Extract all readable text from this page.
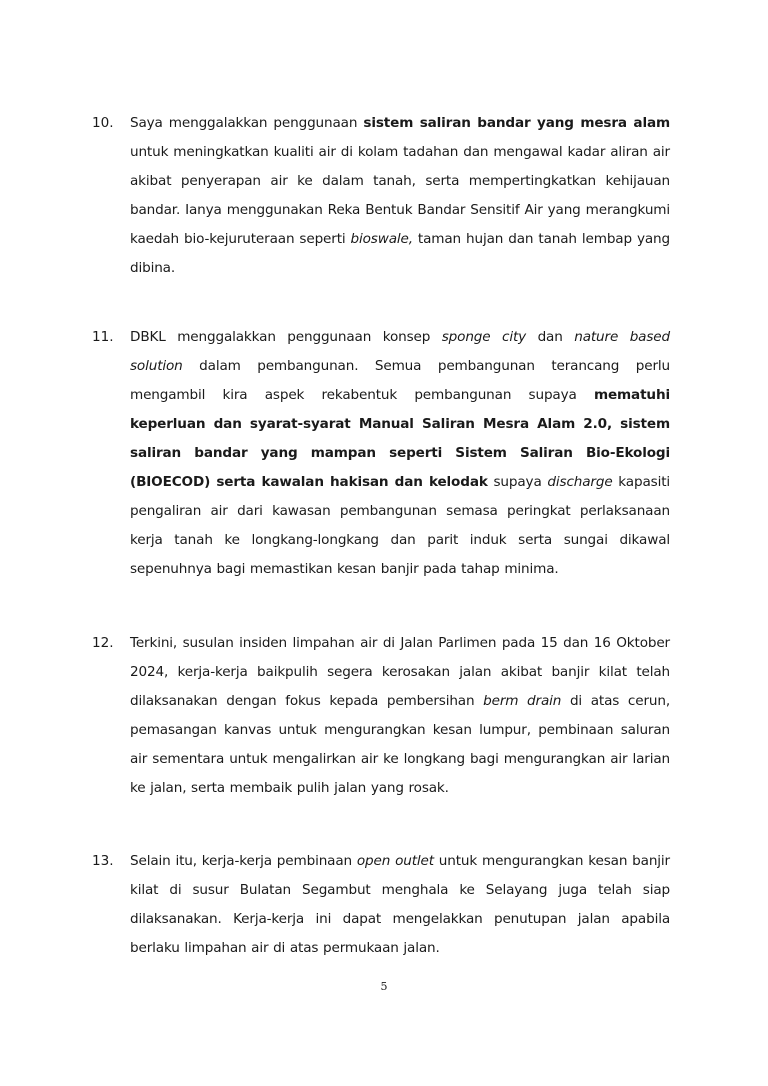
10. Saya menggalakkan penggunaan sistem saliran bandar yang mesra alam untuk meningkatkan kualiti air di kolam tadahan dan mengawal kadar aliran air akibat penyerapan air ke dalam tanah, serta mempertingkatkan kehijauan bandar. Ianya menggunakan Reka Bentuk Bandar Sensitif Air yang merangkumi kaedah bio-kejuruteraan seperti bioswale, taman hujan dan tanah lembap yang dibina.
11. DBKL menggalakkan penggunaan konsep sponge city dan nature based solution dalam pembangunan. Semua pembangunan terancang perlu mengambil kira aspek rekabentuk pembangunan supaya mematuhi keperluan dan syarat-syarat Manual Saliran Mesra Alam 2.0, sistem saliran bandar yang mampan seperti Sistem Saliran Bio-Ekologi (BIOECOD) serta kawalan hakisan dan kelodak supaya discharge kapasiti pengaliran air dari kawasan pembangunan semasa peringkat perlaksanaan kerja tanah ke longkang-longkang dan parit induk serta sungai dikawal sepenuhnya bagi memastikan kesan banjir pada tahap minima.
12. Terkini, susulan insiden limpahan air di Jalan Parlimen pada 15 dan 16 Oktober 2024, kerja-kerja baikpulih segera kerosakan jalan akibat banjir kilat telah dilaksanakan dengan fokus kepada pembersihan berm drain di atas cerun, pemasangan kanvas untuk mengurangkan kesan lumpur, pembinaan saluran air sementara untuk mengalirkan air ke longkang bagi mengurangkan air larian ke jalan, serta membaik pulih jalan yang rosak.
13. Selain itu, kerja-kerja pembinaan open outlet untuk mengurangkan kesan banjir kilat di susur Bulatan Segambut menghala ke Selayang juga telah siap dilaksanakan. Kerja-kerja ini dapat mengelakkan penutupan jalan apabila berlaku limpahan air di atas permukaan jalan.
5
